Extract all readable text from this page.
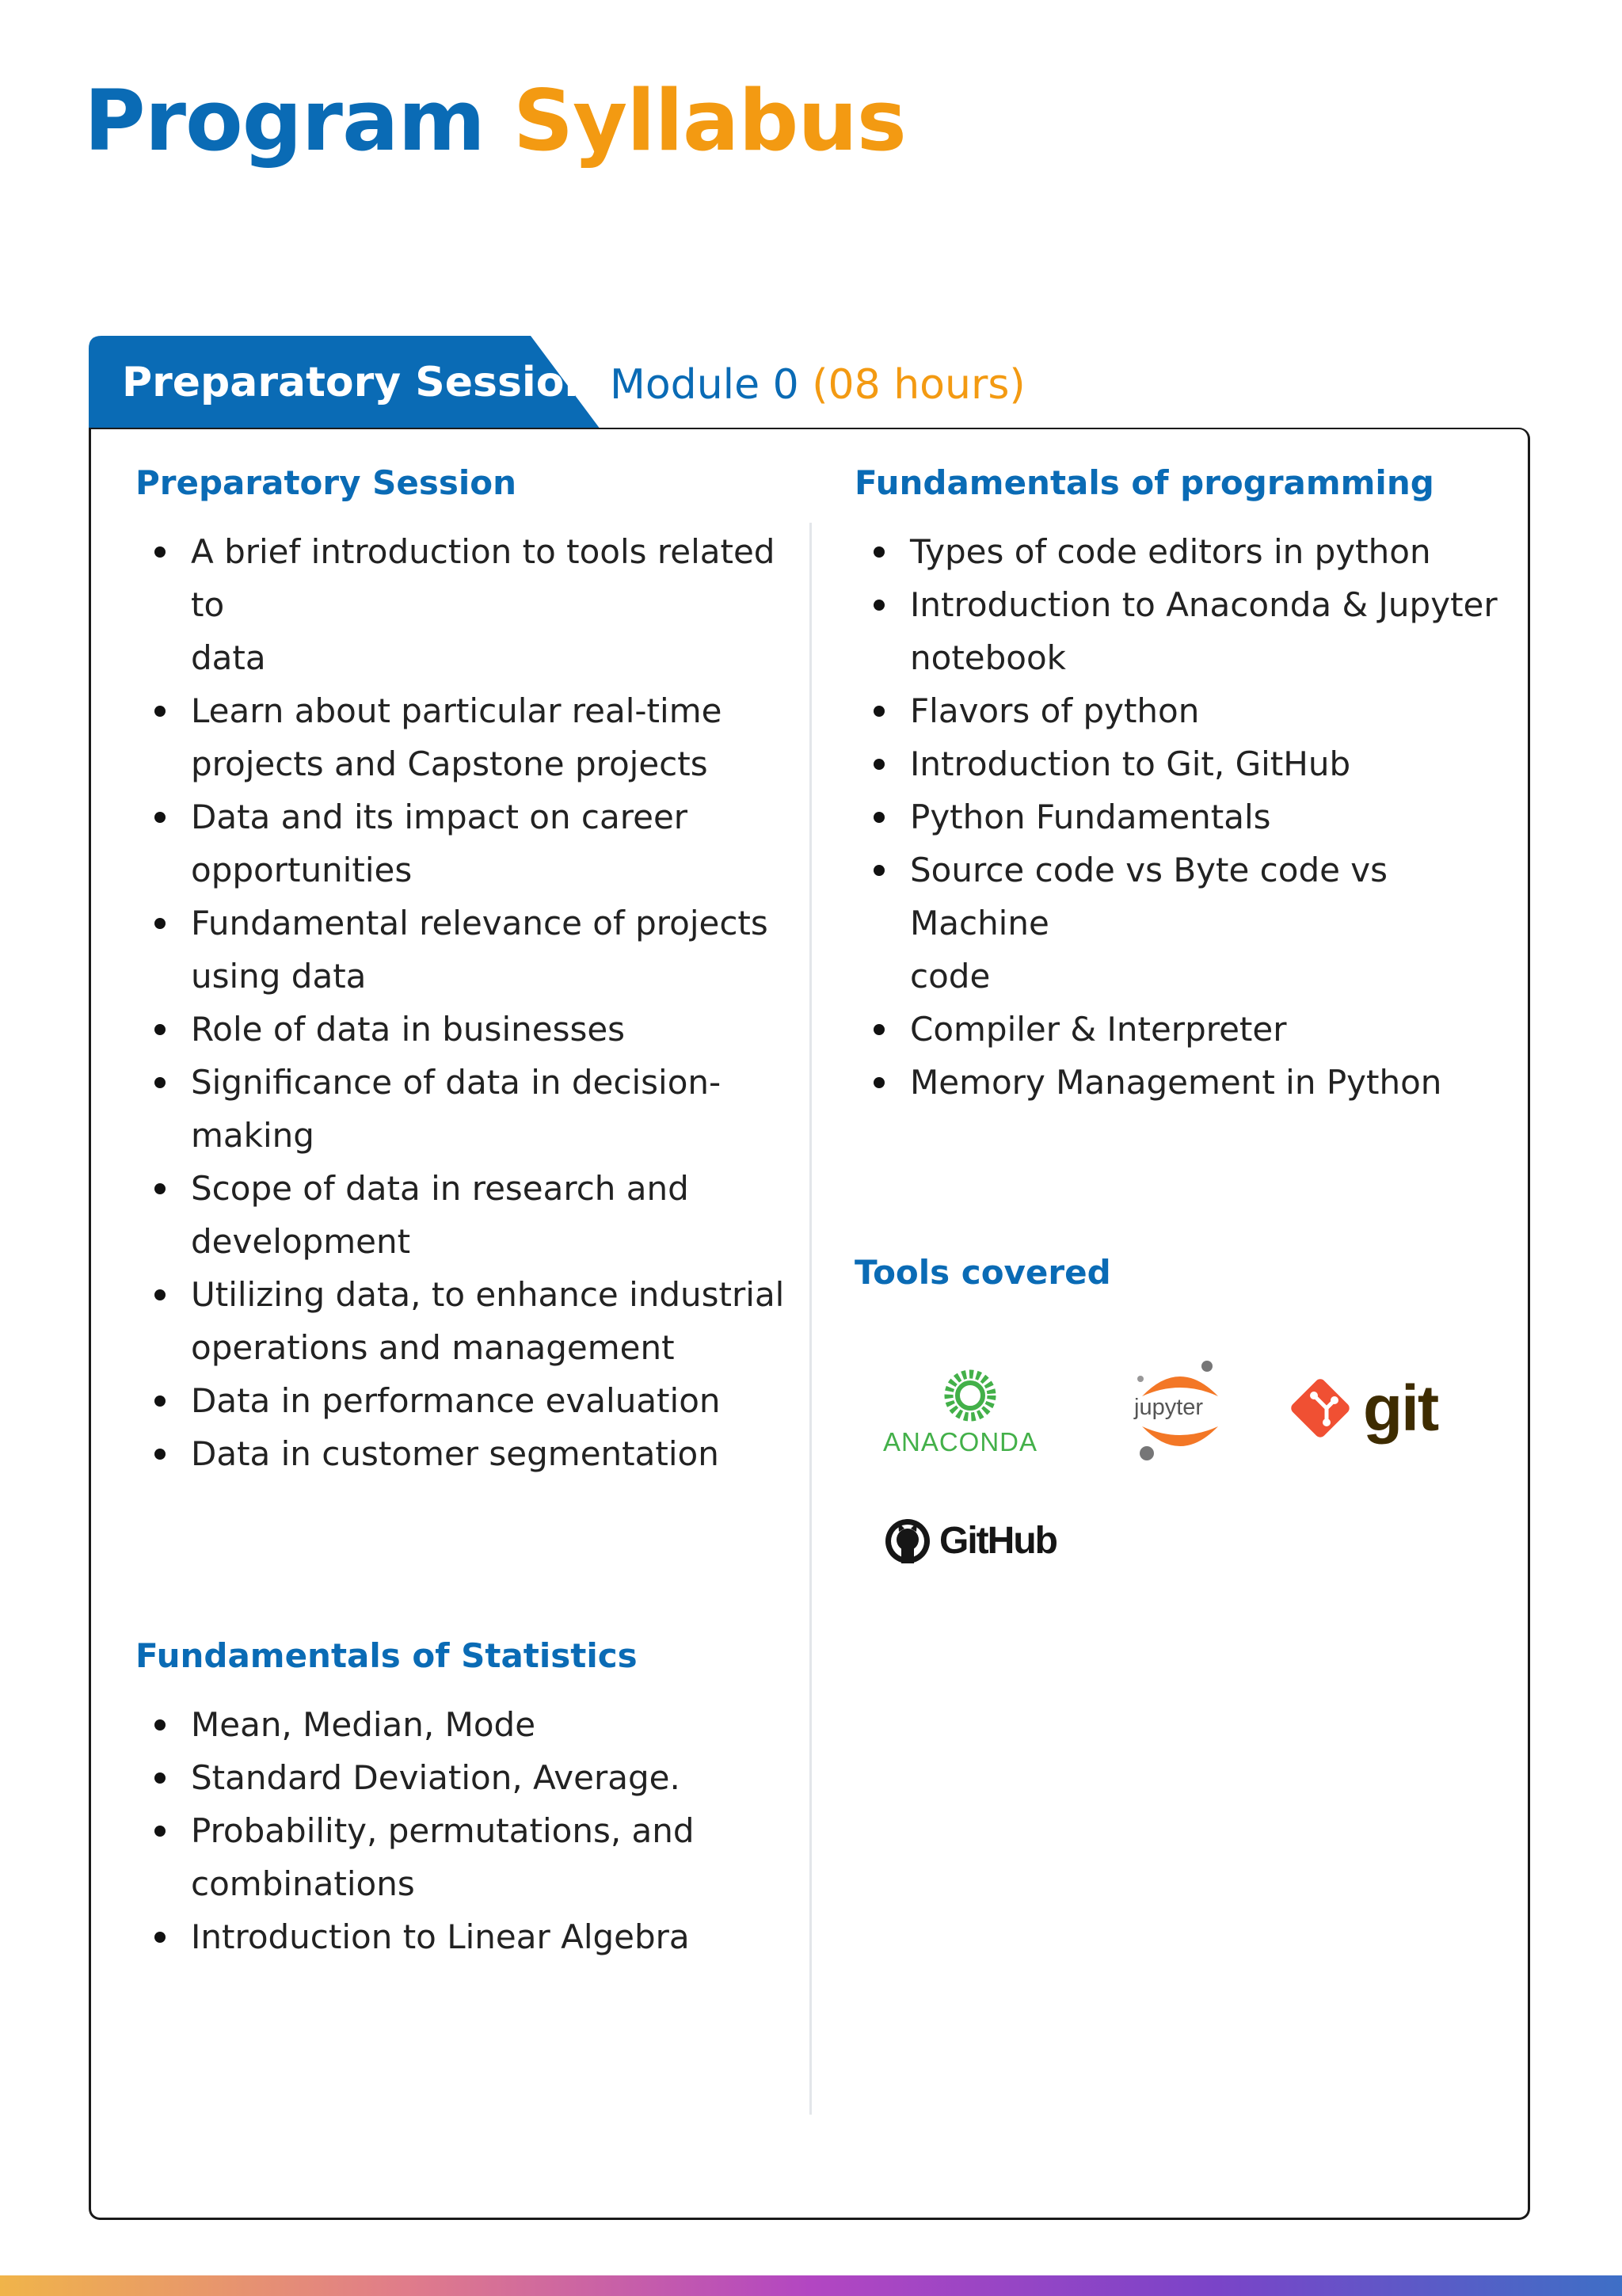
Program Syllabus
Preparatory Session Module 0 (08 hours)
Preparatory Session
A brief introduction to tools related to
data
Learn about particular real-time
projects and Capstone projects
Data and its impact on career
opportunities
Fundamental relevance of projects
using data
Role of data in businesses
Significance of data in decision-
making
Scope of data in research and
development
Utilizing data, to enhance industrial
operations and management
Data in performance evaluation
Data in customer segmentation
Fundamentals of Statistics
Mean, Median, Mode
Standard Deviation, Average.
Probability, permutations, and
combinations
Introduction to Linear Algebra
Fundamentals of programming
Types of code editors in python
Introduction to Anaconda & Jupyter
notebook
Flavors of python
Introduction to Git, GitHub
Python Fundamentals
Source code vs Byte code vs Machine
code
Compiler & Interpreter
Memory Management in Python
Tools covered
ANACONDA
jupyter git
GitHub
